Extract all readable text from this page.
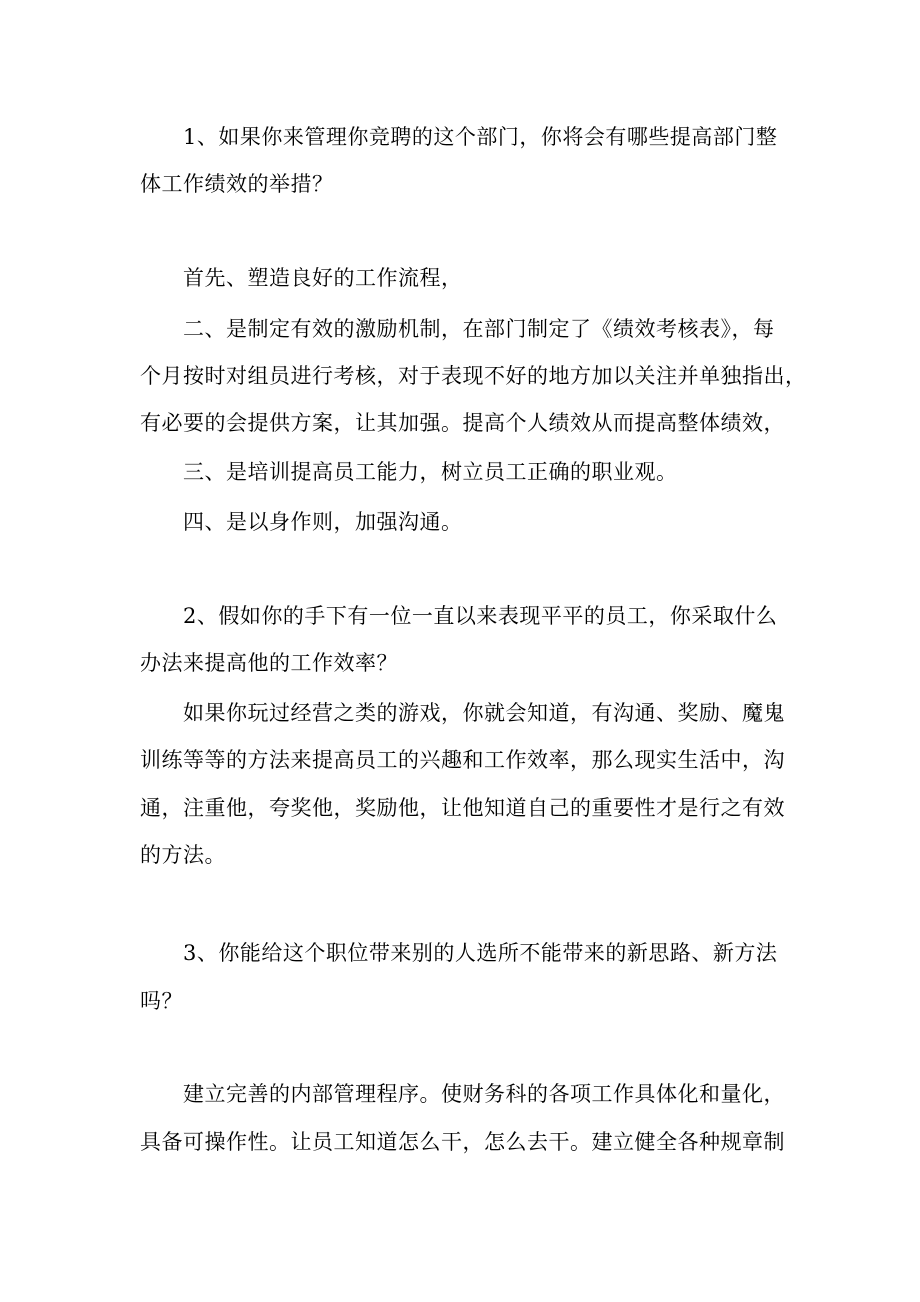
1、如果你来管理你竞聘的这个部门，你将会有哪些提高部门整

体工作绩效的举措？

首先、塑造良好的工作流程，

二、是制定有效的激励机制，在部门制定了《绩效考核表》，每

个月按时对组员进行考核，对于表现不好的地方加以关注并单独指出，

有必要的会提供方案，让其加强。提高个人绩效从而提高整体绩效，

三、是培训提高员工能力，树立员工正确的职业观。

四、是以身作则，加强沟通。

2、假如你的手下有一位一直以来表现平平的员工，你采取什么

办法来提高他的工作效率？

如果你玩过经营之类的游戏，你就会知道，有沟通、奖励、魔鬼

训练等等的方法来提高员工的兴趣和工作效率，那么现实生活中，沟

通，注重他，夸奖他，奖励他，让他知道自己的重要性才是行之有效

的方法。

3、你能给这个职位带来别的人选所不能带来的新思路、新方法

吗？

建立完善的内部管理程序。使财务科的各项工作具体化和量化，

具备可操作性。让员工知道怎么干，怎么去干。建立健全各种规章制
